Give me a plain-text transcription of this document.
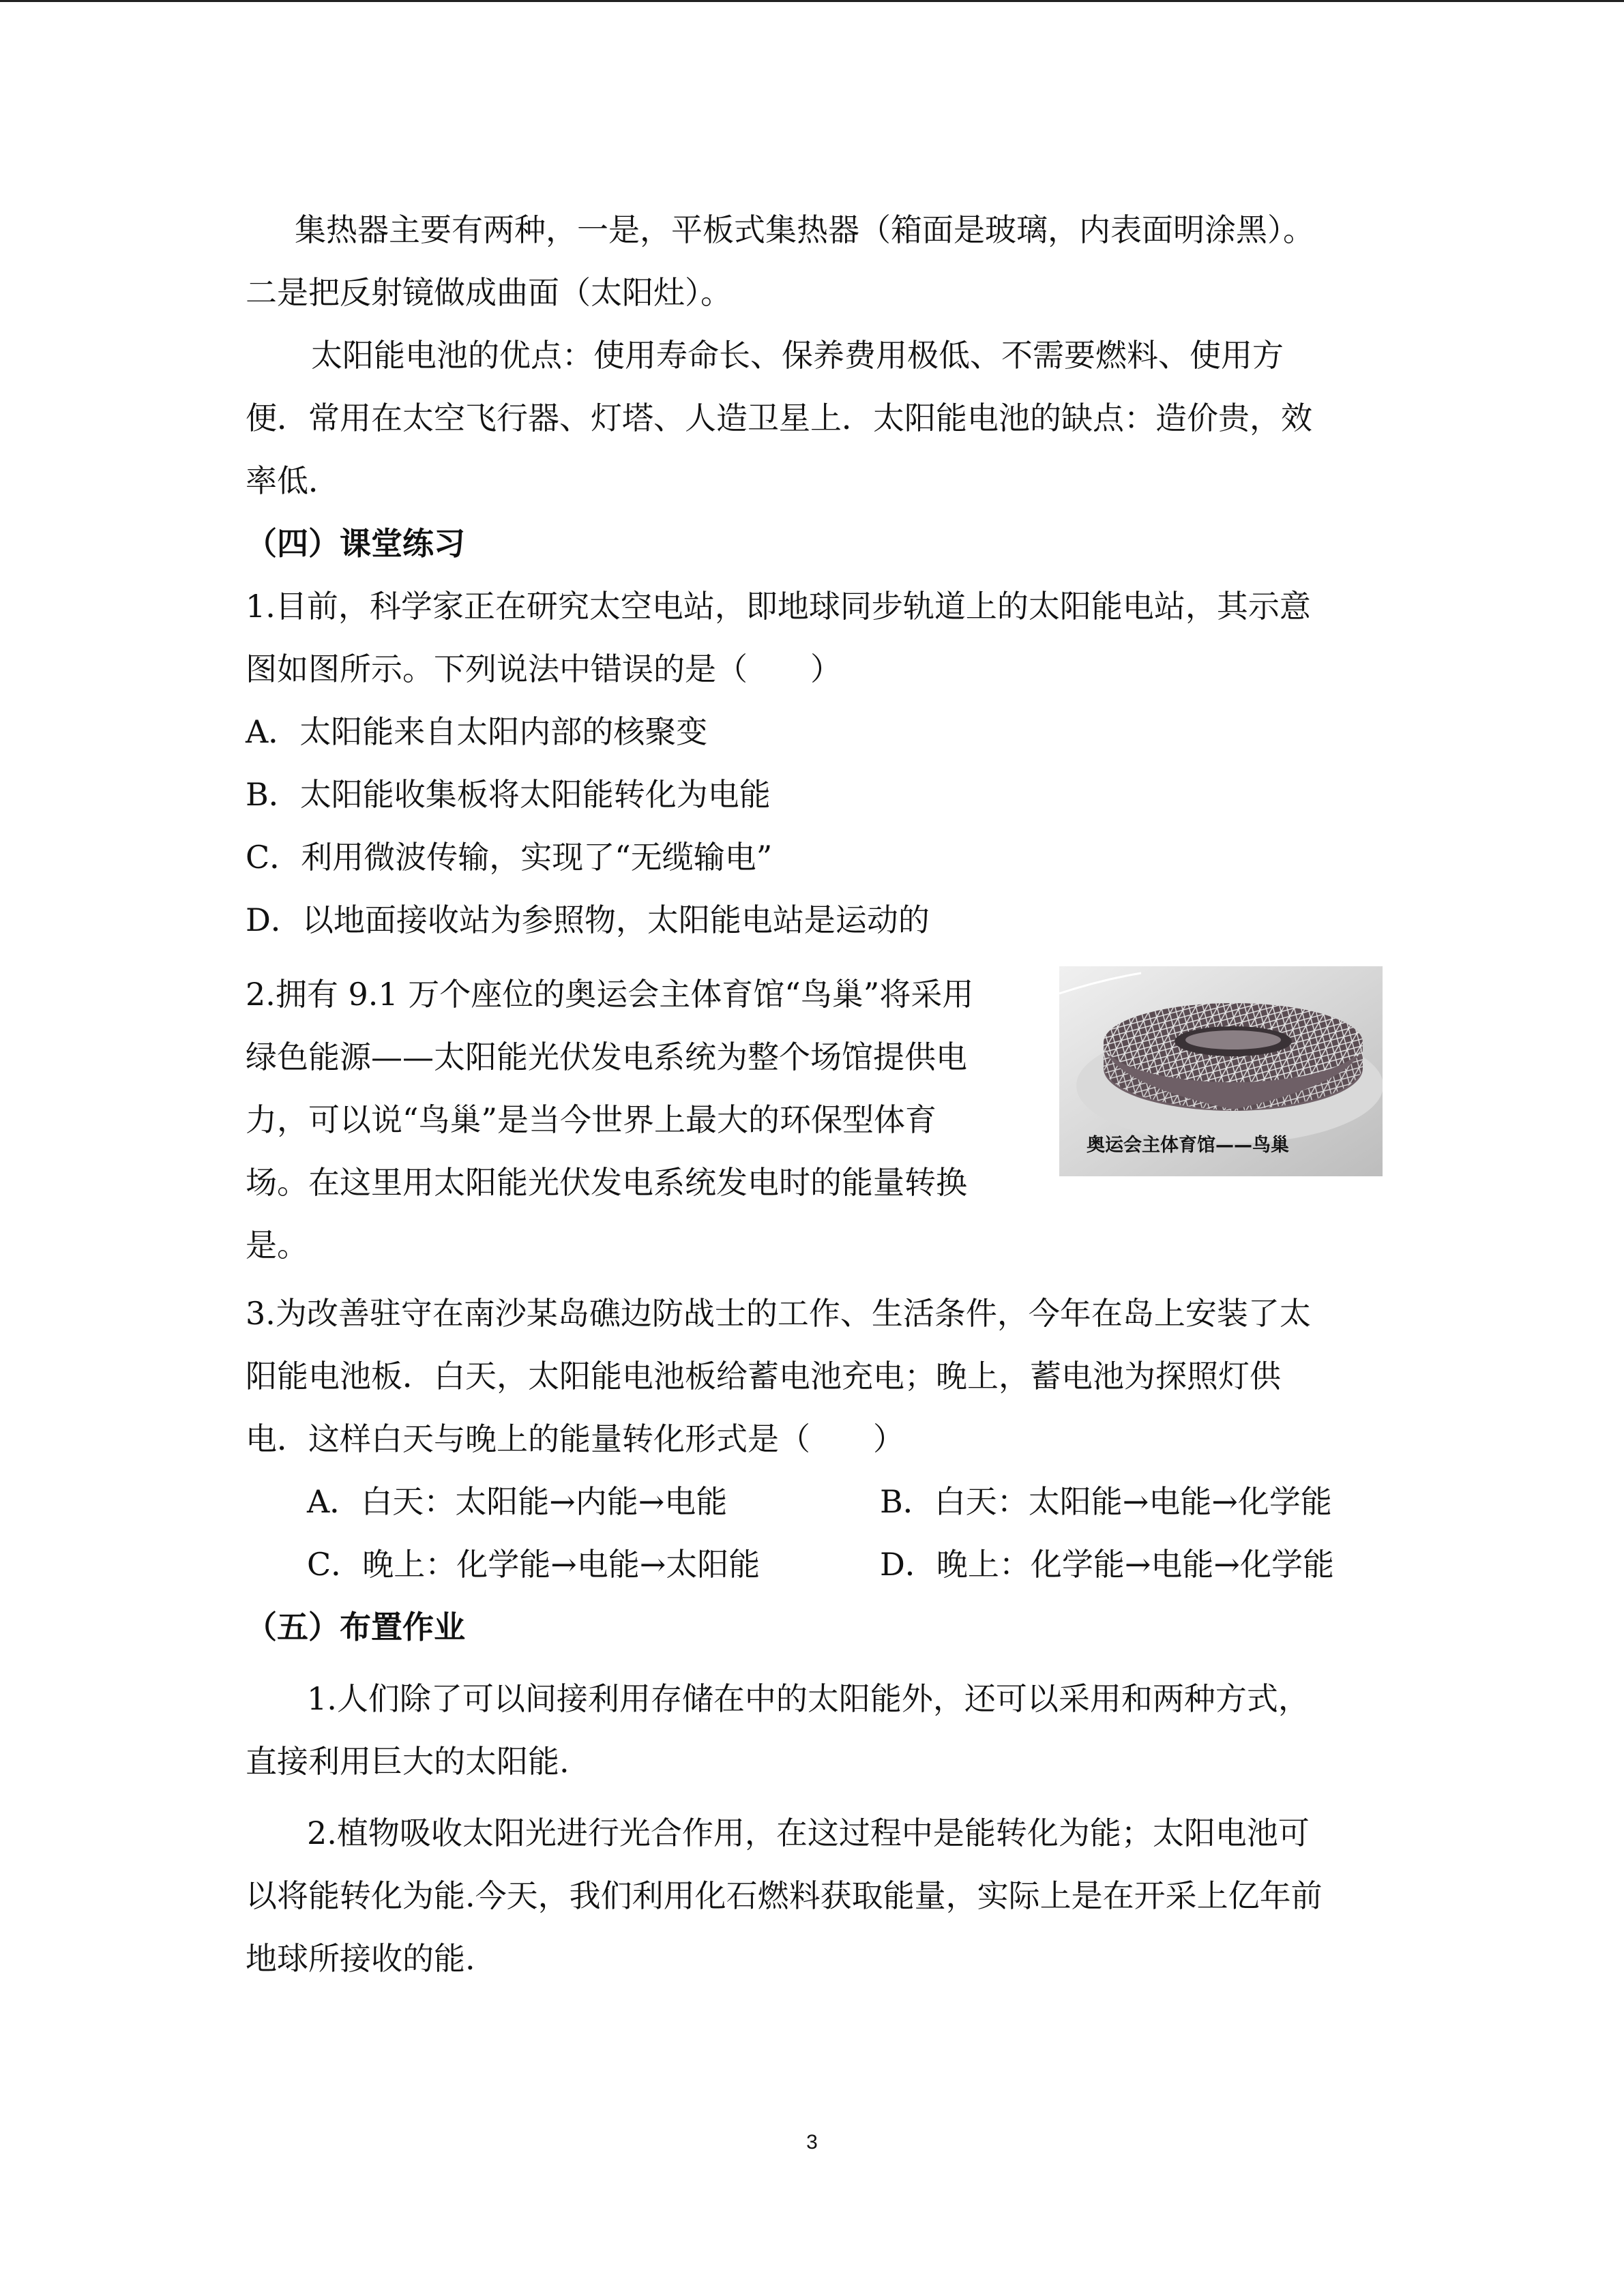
集热器主要有两种，一是，平板式集热器（箱面是玻璃，内表面明涂黑）。
二是把反射镜做成曲面（太阳灶）。
太阳能电池的优点：使用寿命长、保养费用极低、不需要燃料、使用方
便．常用在太空飞行器、灯塔、人造卫星上．太阳能电池的缺点：造价贵，效
率低．
（四）课堂练习
1.目前，科学家正在研究太空电站，即地球同步轨道上的太阳能电站，其示意
图如图所示。下列说法中错误的是（　　）
A．太阳能来自太阳内部的核聚变
B．太阳能收集板将太阳能转化为电能
C．利用微波传输，实现了“无缆输电”
D．以地面接收站为参照物，太阳能电站是运动的
2.拥有 9.1 万个座位的奥运会主体育馆“鸟巢”将采用
绿色能源——太阳能光伏发电系统为整个场馆提供电
力，可以说“鸟巢”是当今世界上最大的环保型体育
场。在这里用太阳能光伏发电系统发电时的能量转换
是。
奥运会主体育馆——鸟巢
3.为改善驻守在南沙某岛礁边防战士的工作、生活条件，今年在岛上安装了太
阳能电池板．白天，太阳能电池板给蓄电池充电；晚上，蓄电池为探照灯供
电．这样白天与晚上的能量转化形式是（　　）
A．白天：太阳能→内能→电能	B．白天：太阳能→电能→化学能
C．晚上：化学能→电能→太阳能	D．晚上：化学能→电能→化学能
（五）布置作业
1.人们除了可以间接利用存储在中的太阳能外，还可以采用和两种方式，
直接利用巨大的太阳能.
2.植物吸收太阳光进行光合作用，在这过程中是能转化为能；太阳电池可
以将能转化为能.今天，我们利用化石燃料获取能量，实际上是在开采上亿年前
地球所接收的能.
3
